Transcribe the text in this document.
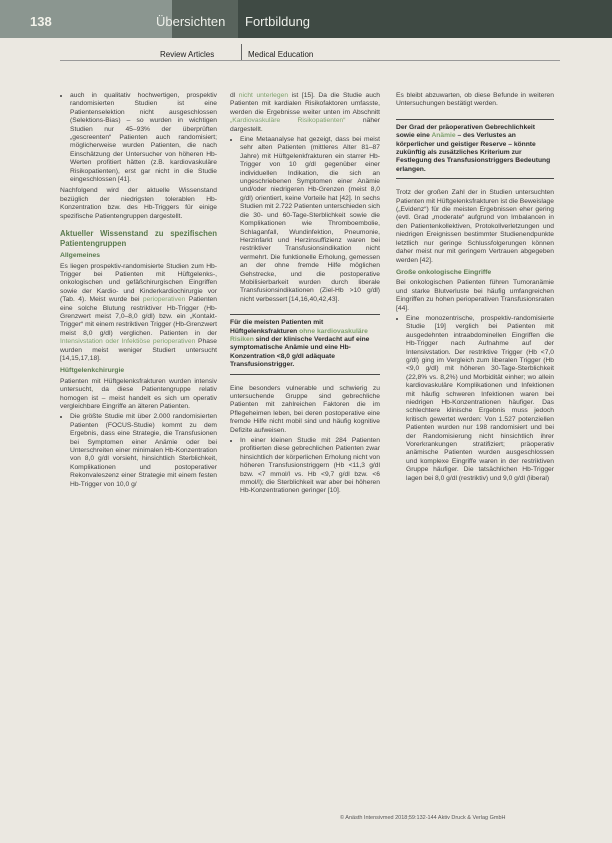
138	Übersichten Fortbildung
Review Articles	Medical Education
• auch in qualitativ hochwertigen, prospektiv randomisierten Studien ist eine Patientenselektion nicht ausgeschlossen (Selektions-Bias) – so wurden in wichtigen Studien nur 45–93% der überprüften „gescreenten“ Patienten auch randomisiert; möglicherweise wurden Patienten, die nach Einschätzung der Untersucher von höheren Hb-Werten profitiert hätten (z.B. kardiovaskuläre Risikopatienten), erst gar nicht in die Studie eingeschlossen [41].

Nachfolgend wird der aktuelle Wissenstand bezüglich der niedrigsten tolerablen Hb-Konzentration bzw. des Hb-Triggers für einige spezifische Patientengruppen dargestellt.

Aktueller Wissenstand zu spezifischen Patientengruppen
Allgemeines

Es liegen prospektiv-randomisierte Studien zum Hb-Trigger bei Patienten mit Hüftgelenks-, onkologischen und gefäßchirurgischen Eingriffen sowie der Kardio- und Kinderkardiochirurgie vor (Tab. 4). Meist wurde bei perioperativen Patienten eine solche Blutung restriktiver Hb-Trigger (Hb-Grenzwert meist 7,0–8,0 g/dl) bzw. ein „Kontakt-Trigger“ mit einem restriktiven Trigger (Hb-Grenzwert meist 8,0 g/dl) verglichen. Patienten in der Intensivstation oder Infektiöse perioperativen Phase wurden meist weniger Studiert untersucht [14,15,17,18].

Hüftgelenkchirurgie

Patienten mit Hüftgelenksfrakturen wurden intensiv untersucht, da diese Patientengruppe relativ homogen ist – meist handelt es sich um operativ vergleichbare Eingriffe an älteren Patienten.

• Die größte Studie mit über 2.000 randomisierten Patienten (FOCUS-Studie) kommt zu dem Ergebnis, dass eine Strategie, die Transfusionen bei Symptomen einer Anämie oder bei Unterschreiten einer minimalen Hb-Konzentration von 8,0 g/dl vorsieht, hinsichtlich Sterblichkeit, Komplikationen und postoperativer Rekonvaleszenz einer Strategie mit einem festen Hb-Trigger von 10,0 g/

dl nicht unterlegen ist [15]. Da die Studie auch Patienten mit kardialen Risikofaktoren umfasste, werden die Ergebnisse weiter unten im Abschnitt „Kardiovaskuläre Risikopatienten“ näher dargestellt.

• Eine Metaanalyse hat gezeigt, dass bei meist sehr alten Patienten (mittleres Alter 81–87 Jahre) mit Hüftgelenkfrakturen ein starrer Hb-Trigger von 10 g/dl gegenüber einer individuellen Indikation, die sich an ungeschriebenen Symptomen einer Anämie und/oder niedrigeren Hb-Grenzen (meist 8,0 g/dl) orientiert, keine Vorteile hat [42]. In sechs Studien mit 2.722 Patienten unterschieden sich die 30- und 60-Tage-Sterblichkeit sowie die Komplikationen wie Thromboembolie, Schlaganfall, Wundinfektion, Pneumonie, Herzinfarkt und Herzinsuffizienz waren bei restriktiver Transfusionsindikation nicht vermehrt. Die funktionelle Erholung, gemessen an der ohne fremde Hilfe möglichen Gehstrecke, und die postoperative Mobilisierbarkeit wurden durch liberale Transfusionsindikationen (Ziel-Hb >10 g/dl) nicht verbessert [14,16,40,42,43].
Für die meisten Patienten mit Hüftgelenksfrakturen ohne kardiovaskuläre Risiken sind der klinische Verdacht auf eine symptomatische Anämie und eine Hb-Konzentration <8,0 g/dl adäquate Transfusionstrigger.

Eine besonders vulnerable und schwierig zu untersuchende Gruppe sind gebrechliche Patienten mit zahlreichen Faktoren die im Pflegeheimen leben, bei deren postoperative eine fremde Hilfe nicht mobil sind und häufig kognitive Defizite aufweisen.

• In einer kleinen Studie mit 284 Patienten profitierten diese gebrechlichen Patienten zwar hinsichtlich der körperlichen Erholung nicht von höheren Transfusionstriggern (Hb <11,3 g/dl bzw. <7 mmol/l vs. Hb <9,7 g/dl bzw. <6 mmol/l); die Sterblichkeit war aber bei höheren Hb-Konzentrationen geringer [10].

Es bleibt abzuwarten, ob diese Befunde in weiteren Untersuchungen bestätigt werden.

Der Grad der präoperativen Gebrechlichkeit sowie eine Anämie – des Verlustes an körperlicher und geistiger Reserve – könnte zukünftig als zusätzliches Kriterium zur Festlegung des Transfusionstriggers Bedeutung erlangen.

Trotz der großen Zahl der in Studien untersuchten Patienten mit Hüftgelenksfrakturen ist die Beweislage („Evidenz“) für die meisten Ergebnissen eher gering (evtl. Grad „moderate“ aufgrund von Imbalancen in den Patientenkollektiven, Protokollverletzungen und niedrigen Ereignissen bestimmter Studienendpunkte letztlich nur geringe Schlussfolgerungen können daher meist nur mit geringem Vertrauen abgegeben werden [42].

Große onkologische Eingriffe

Bei onkologischen Patienten führen Tumoranämie und starke Blutverluste bei häufig umfangreichen Eingriffen zu hohen perioperativen Transfusionsraten [44].

• Eine monozentrische, prospektiv-randomisierte Studie [19] verglich bei Patienten mit ausgedehnten intraabdominellen Eingriffen die Hb-Trigger nach Aufnahme auf der Intensivstation. Der restriktive Trigger (Hb <7,0 g/dl) ging im Vergleich zum liberalen Trigger (Hb <9,0 g/dl) mit höheren 30-Tage-Sterblichkeit (22,8% vs. 8,2%) und Morbidität einher; wo allein kardiovaskuläre Komplikationen und Infektionen mit häufig schweren Infektionen waren bei niedrigen Hb-Konzentrationen häufiger. Das schlechtere klinische Ergebnis muss jedoch kritisch gewertet werden: Von 1.527 potenziellen Patienten wurden nur 198 randomisiert und bei der Randomisierung nicht hinsichtlich ihrer Vorerkrankungen stratifiziert; präoperativ anämische Patienten wurden ausgeschlossen und komplexe Eingriffe waren in der restriktiven Gruppe häufiger. Die tatsächlichen Hb-Trigger lagen bei 8,0 g/dl (restriktiv) und 9,0 g/dl (liberal)
© Anästh Intensivmed 2018;59:132-144 Aktiv Druck & Verlag GmbH
